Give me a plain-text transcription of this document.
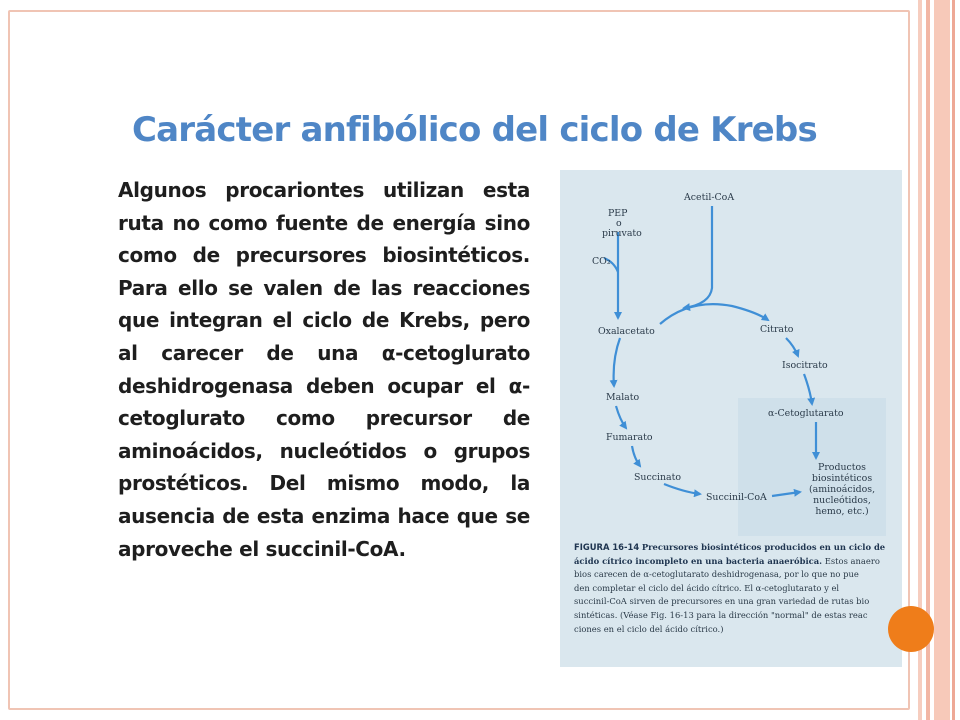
Carácter anfibólico del ciclo de Krebs
Algunos procariontes utilizan esta ruta no como fuente de energía sino como de precursores biosintéticos. Para ello se valen de las reacciones que integran el ciclo de Krebs, pero al carecer de una α-cetoglurato deshidrogenasa deben ocupar el α-cetoglurato como precursor de aminoácidos, nucleótidos o grupos prostéticos. Del mismo modo, la ausencia de esta enzima hace que se aproveche el succinil-CoA.
Acetil-CoA
PEP
o
piruvato
CO₂
Oxalacetato	Citrato
Isocitrato
Malato
α-Cetoglutarato
Fumarato
Succinato
Succinil-CoA
Productos
biosintéticos
(aminoácidos,
nucleótidos,
hemo, etc.)
FIGURA 16-14 Precursores biosintéticos producidos en un ciclo de
ácido cítrico incompleto en una bacteria anaeróbica. Estos anaero
bios carecen de α-cetoglutarato deshidrogenasa, por lo que no pue
den completar el ciclo del ácido cítrico. El α-cetoglutarato y el
succinil-CoA sirven de precursores en una gran variedad de rutas bio
sintéticas. (Véase Fig. 16-13 para la dirección "normal" de estas reac
ciones en el ciclo del ácido cítrico.)
